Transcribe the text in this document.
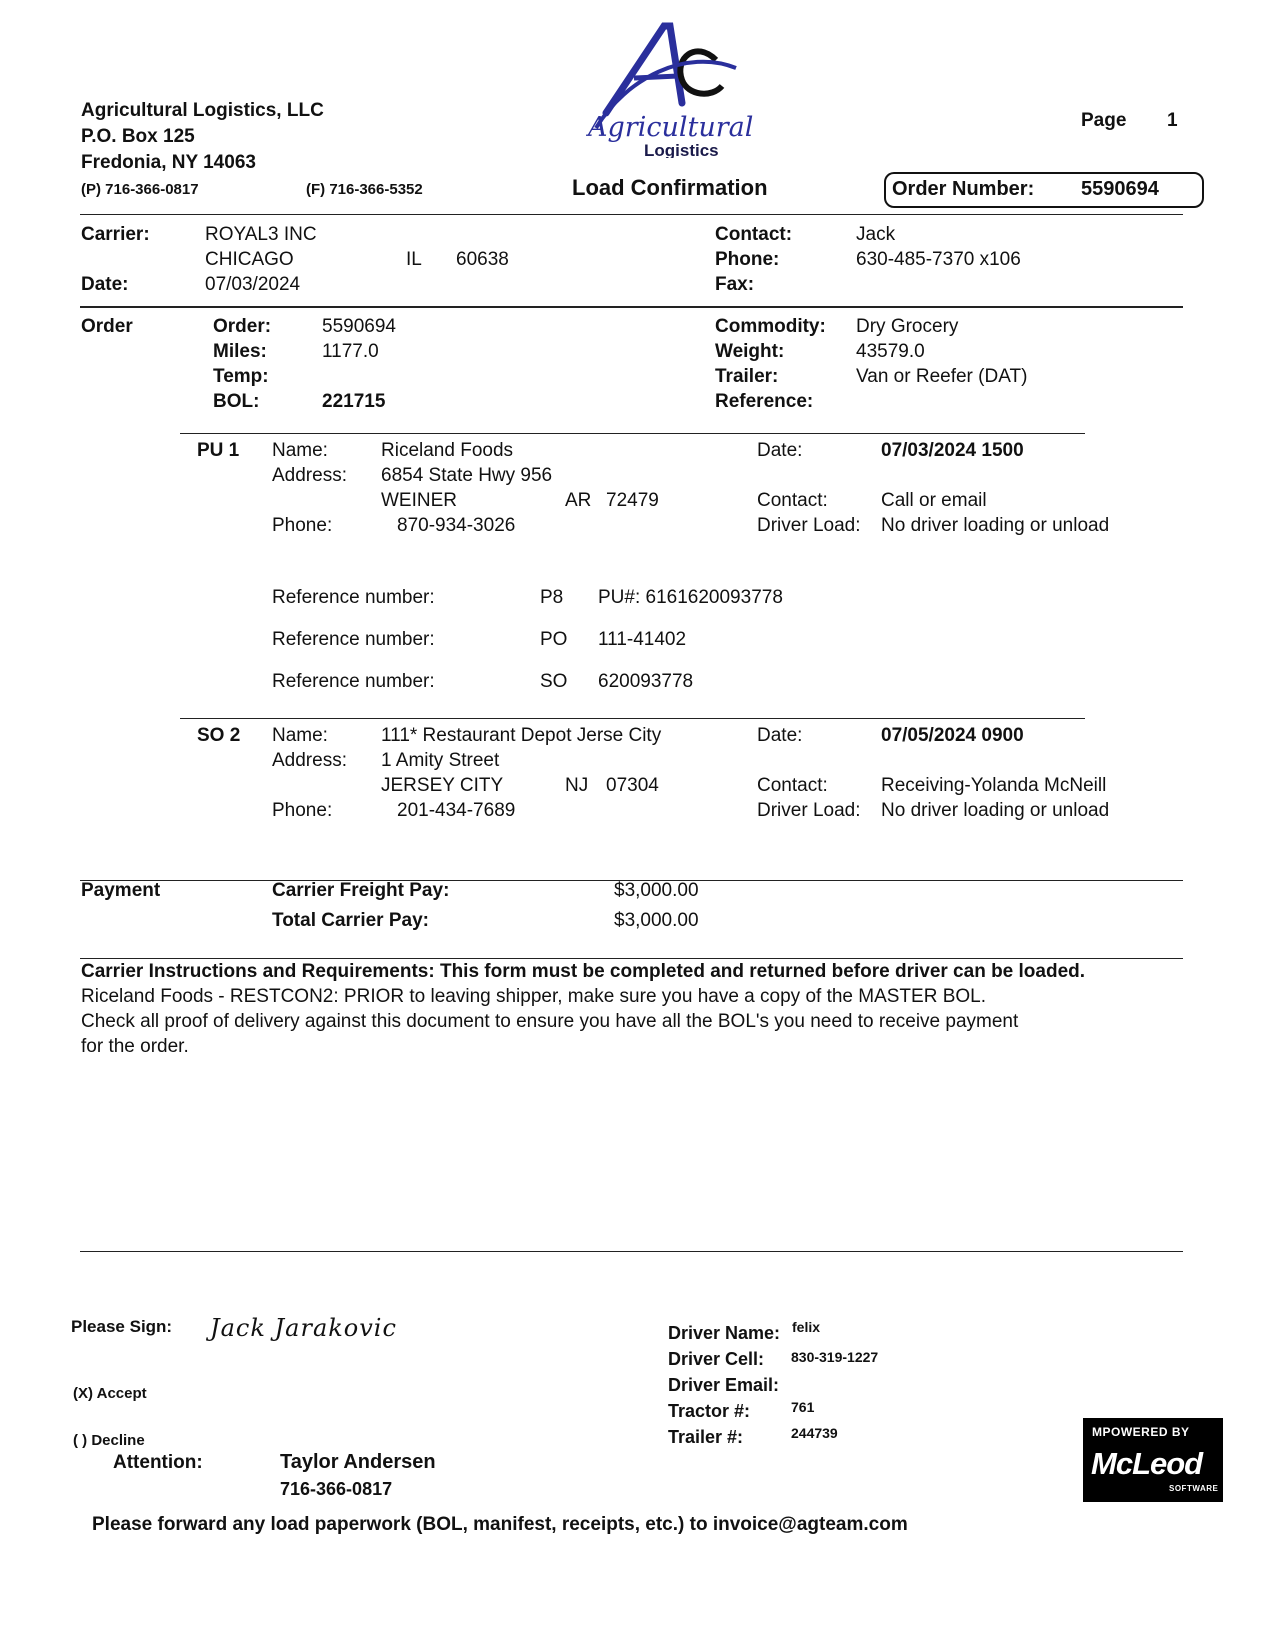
Agricultural Logistics, LLC
P.O. Box 125
Fredonia, NY 14063
(P) 716-366-0817	(F) 716-366-5352
Agricultural
Logistics
Page 1
Load Confirmation	Order Number: 5590694
Carrier:	ROYAL3 INC
CHICAGO	IL 60638
Date:	07/03/2024
Contact:	Jack
Phone:	630-485-7370 x106
Fax:
Order	Order:	5590694
Miles:	1177.0
Temp:
BOL:	221715
Commodity: Dry Grocery
Weight:	43579.0
Trailer:	Van or Reefer (DAT)
Reference:
PU 1 Name:	Riceland Foods
Address: 6854 State Hwy 956
WEINER	AR 72479
Phone:	870-934-3026
Date:	07/03/2024 1500
Contact:	Call or email
Driver Load: No driver loading or unload
Reference number:	P8 PU#: 6161620093778
Reference number:	PO 111-41402
Reference number:	SO 620093778
SO 2 Name:	111* Restaurant Depot Jerse City
Address: 1 Amity Street
JERSEY CITY	NJ 07304
Phone:	201-434-7689
Date:	07/05/2024 0900
Contact:	Receiving-Yolanda McNeill
Driver Load: No driver loading or unload
Payment	Carrier Freight Pay:	$3,000.00
Total Carrier Pay:	$3,000.00
Carrier Instructions and Requirements: This form must be completed and returned before driver can be loaded.
Riceland Foods - RESTCON2: PRIOR to leaving shipper, make sure you have a copy of the MASTER BOL.
Check all proof of delivery against this document to ensure you have all the BOL's you need to receive payment
for the order.
Please Sign: Jack Jarakovic
(X) Accept
( ) Decline
Attention:	Taylor Andersen
716-366-0817
Driver Name: felix
Driver Cell: 830-319-1227
Driver Email:
Tractor #:	761
Trailer #:	244739	MPOWERED BY
McLeod
SOFTWARE
Please forward any load paperwork (BOL, manifest, receipts, etc.) to invoice@agteam.com
